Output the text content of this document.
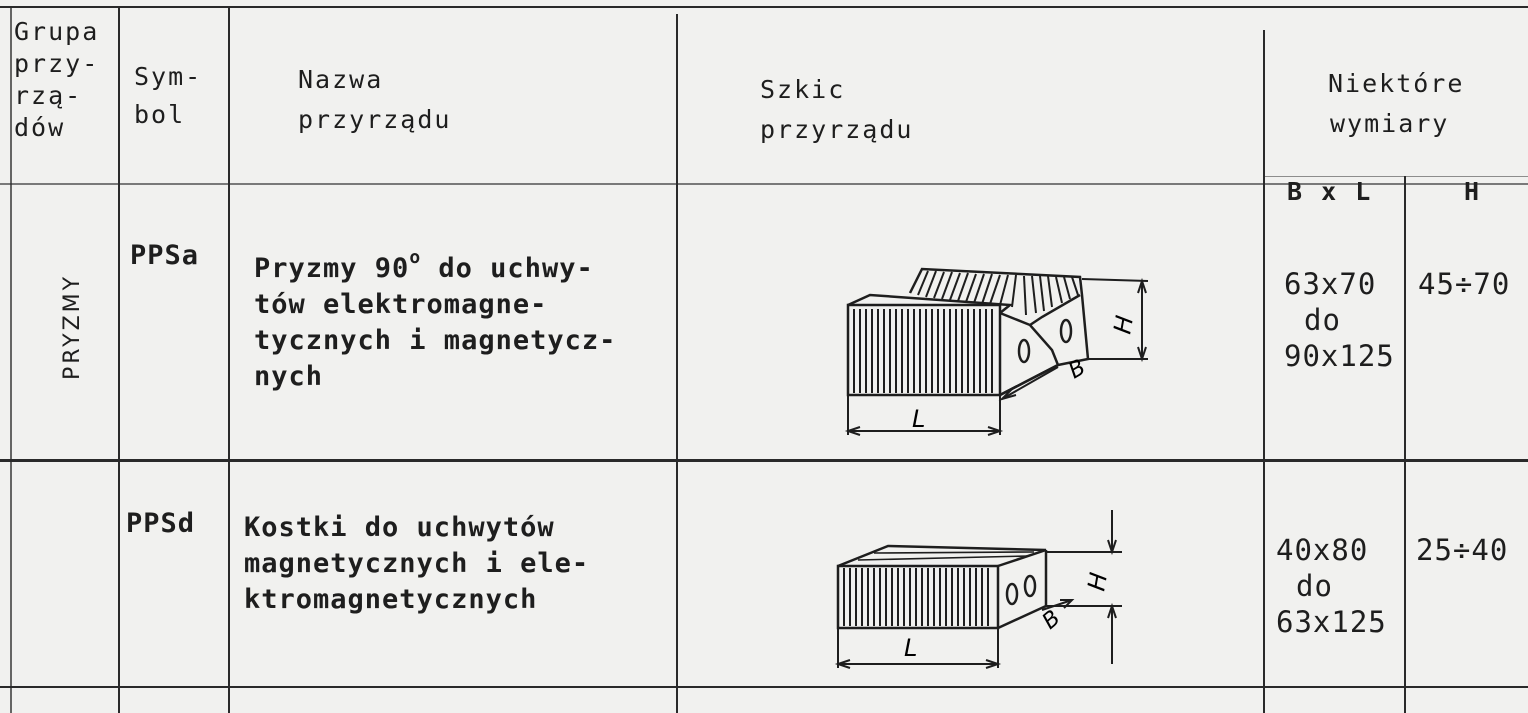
Grupa
przy-
rzą-
dów
Sym-
bol
Nazwa
przyrządu
Szkic
przyrządu
Niektóre
wymiary
B x L	H
PRYZMY
PPSa Pryzmy 90$^o$ do uchwy-
tów elektromagne-
tycznych i magnetycz-
nych
63x70
do
90x125
45÷70
L
B
H
PPSd Kostki do uchwytów
magnetycznych i ele-
ktromagnetycznych
40x80
do
63x125
25÷40
L
B
H
